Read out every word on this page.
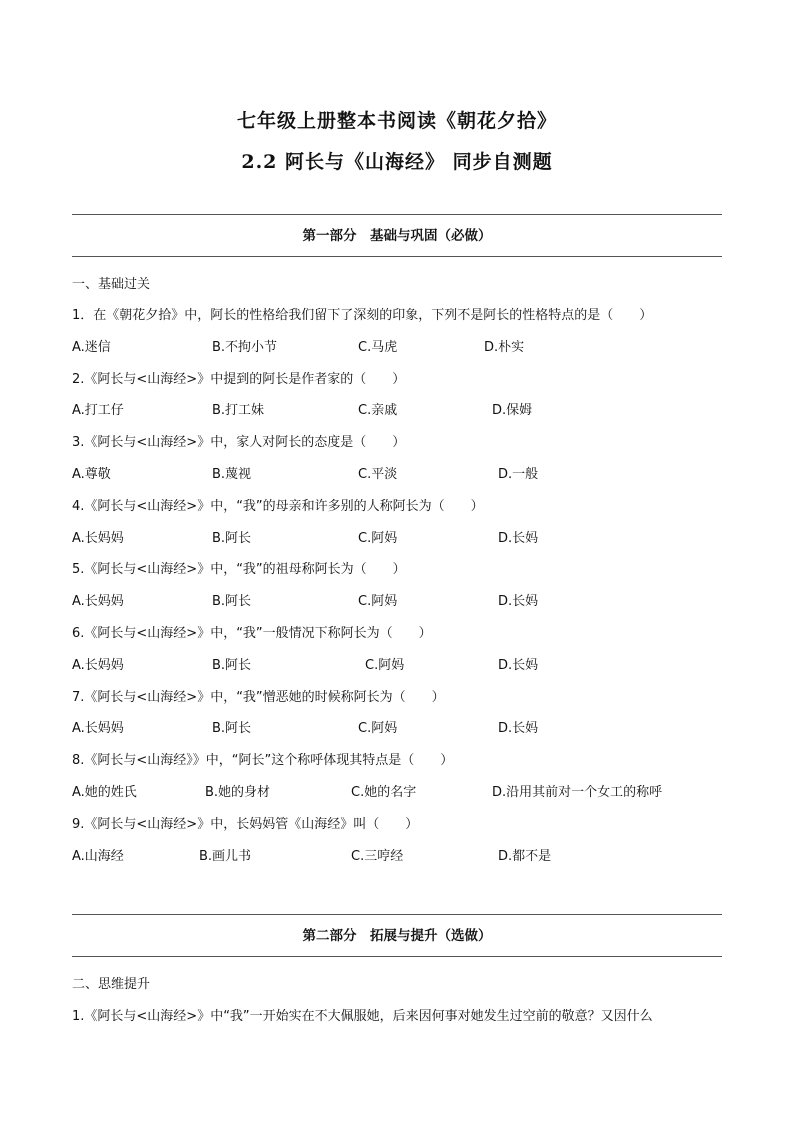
七年级上册整本书阅读《朝花夕拾》
2.2 阿长与《山海经》 同步自测题
第一部分　基础与巩固（必做）
一、基础过关
1．在《朝花夕拾》中，阿长的性格给我们留下了深刻的印象，下列不是阿长的性格特点的是（　　）
A.迷信	B.不拘小节	C.马虎	D.朴实
2.《阿长与<山海经>》中提到的阿长是作者家的（　　）
A.打工仔	B.打工妹	C.亲戚	D.保姆
3.《阿长与<山海经>》中，家人对阿长的态度是（　　）
A.尊敬	B.蔑视	C.平淡	D.一般
4.《阿长与<山海经>》中，“我”的母亲和许多别的人称阿长为（　　）
A.长妈妈	B.阿长	C.阿妈	D.长妈
5.《阿长与<山海经>》中，“我”的祖母称阿长为（　　）
A.长妈妈	B.阿长	C.阿妈	D.长妈
6.《阿长与<山海经>》中，“我”一般情况下称阿长为（　　）
A.长妈妈	B.阿长	C.阿妈	D.长妈
7.《阿长与<山海经>》中，“我”憎恶她的时候称阿长为（　　）
A.长妈妈	B.阿长	C.阿妈	D.长妈
8.《阿长与<山海经》》中，“阿长”这个称呼体现其特点是（　　）
A.她的姓氏	B.她的身材	C.她的名字	D.沿用其前对一个女工的称呼
9.《阿长与<山海经>》中，长妈妈管《山海经》叫（　　）
A.山海经	B.画儿书	C.三哼经	D.都不是
第二部分　拓展与提升（选做）
二、思维提升
1.《阿长与<山海经>》中“我”一开始实在不大佩服她，后来因何事对她发生过空前的敬意？又因什么
